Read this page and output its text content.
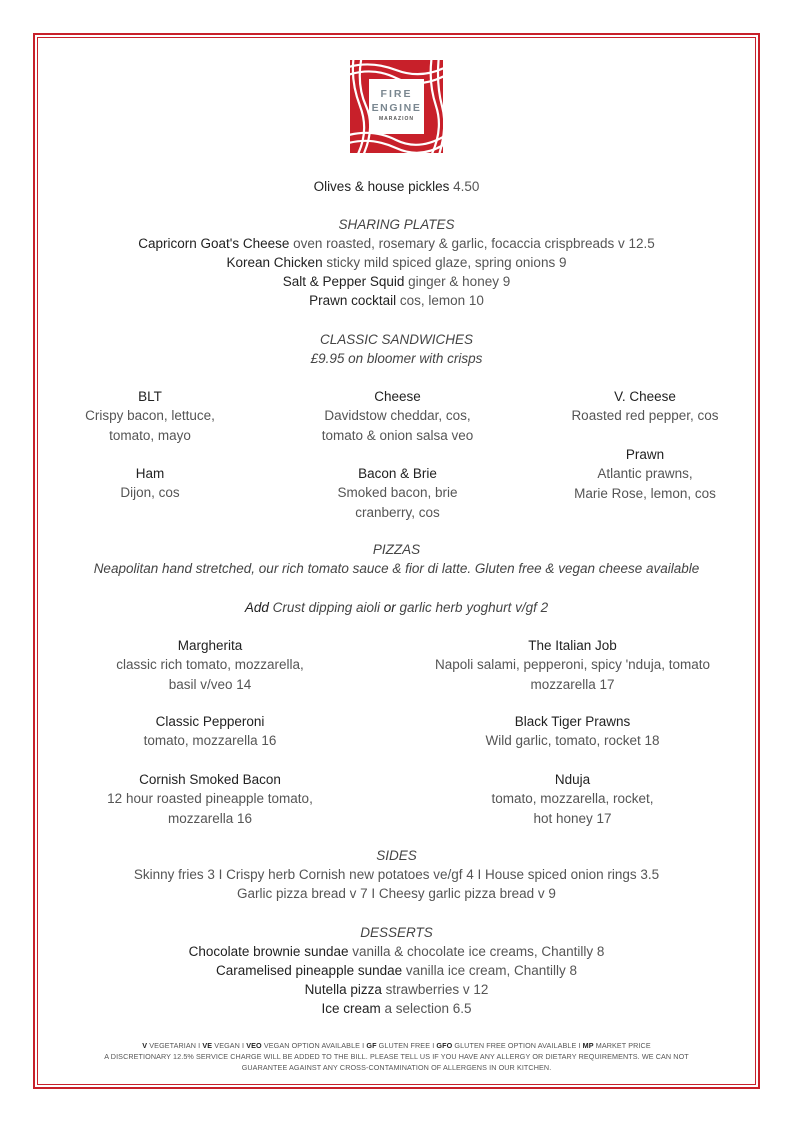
FIRE
ENGINE
MARAZION
Olives & house pickles 4.50
SHARING PLATES
Capricorn Goat's Cheese oven roasted, rosemary & garlic, focaccia crispbreads v 12.5
Korean Chicken sticky mild spiced glaze, spring onions 9
Salt & Pepper Squid ginger & honey 9
Prawn cocktail cos, lemon 10
CLASSIC SANDWICHES
£9.95 on bloomer with crisps
BLT
Crispy bacon, lettuce,
tomato, mayo
Cheese
Davidstow cheddar, cos,
tomato & onion salsa veo
V. Cheese
Roasted red pepper, cos
Ham
Dijon, cos
Bacon & Brie
Smoked bacon, brie
cranberry, cos
Prawn
Atlantic prawns,
Marie Rose, lemon, cos
PIZZAS
Neapolitan hand stretched, our rich tomato sauce & fior di latte. Gluten free & vegan cheese available
Add Crust dipping aioli or garlic herb yoghurt v/gf 2
Margherita
classic rich tomato, mozzarella,
basil v/veo 14
The Italian Job
Napoli salami, pepperoni, spicy 'nduja, tomato
mozzarella 17
Classic Pepperoni
tomato, mozzarella 16
Black Tiger Prawns
Wild garlic, tomato, rocket 18
Cornish Smoked Bacon
12 hour roasted pineapple tomato,
mozzarella 16
Nduja
tomato, mozzarella, rocket,
hot honey 17
SIDES
Skinny fries 3 I Crispy herb Cornish new potatoes ve/gf 4 I House spiced onion rings 3.5
Garlic pizza bread v 7 I Cheesy garlic pizza bread v 9
DESSERTS
Chocolate brownie sundae vanilla & chocolate ice creams, Chantilly 8
Caramelised pineapple sundae vanilla ice cream, Chantilly 8
Nutella pizza strawberries v 12
Ice cream a selection 6.5
V VEGETARIAN I VE VEGAN I VEO VEGAN OPTION AVAILABLE I GF GLUTEN FREE I GFO GLUTEN FREE OPTION AVAILABLE I MP MARKET PRICE
A DISCRETIONARY 12.5% SERVICE CHARGE WILL BE ADDED TO THE BILL. PLEASE TELL US IF YOU HAVE ANY ALLERGY OR DIETARY REQUIREMENTS. WE CAN NOT
GUARANTEE AGAINST ANY CROSS-CONTAMINATION OF ALLERGENS IN OUR KITCHEN.
